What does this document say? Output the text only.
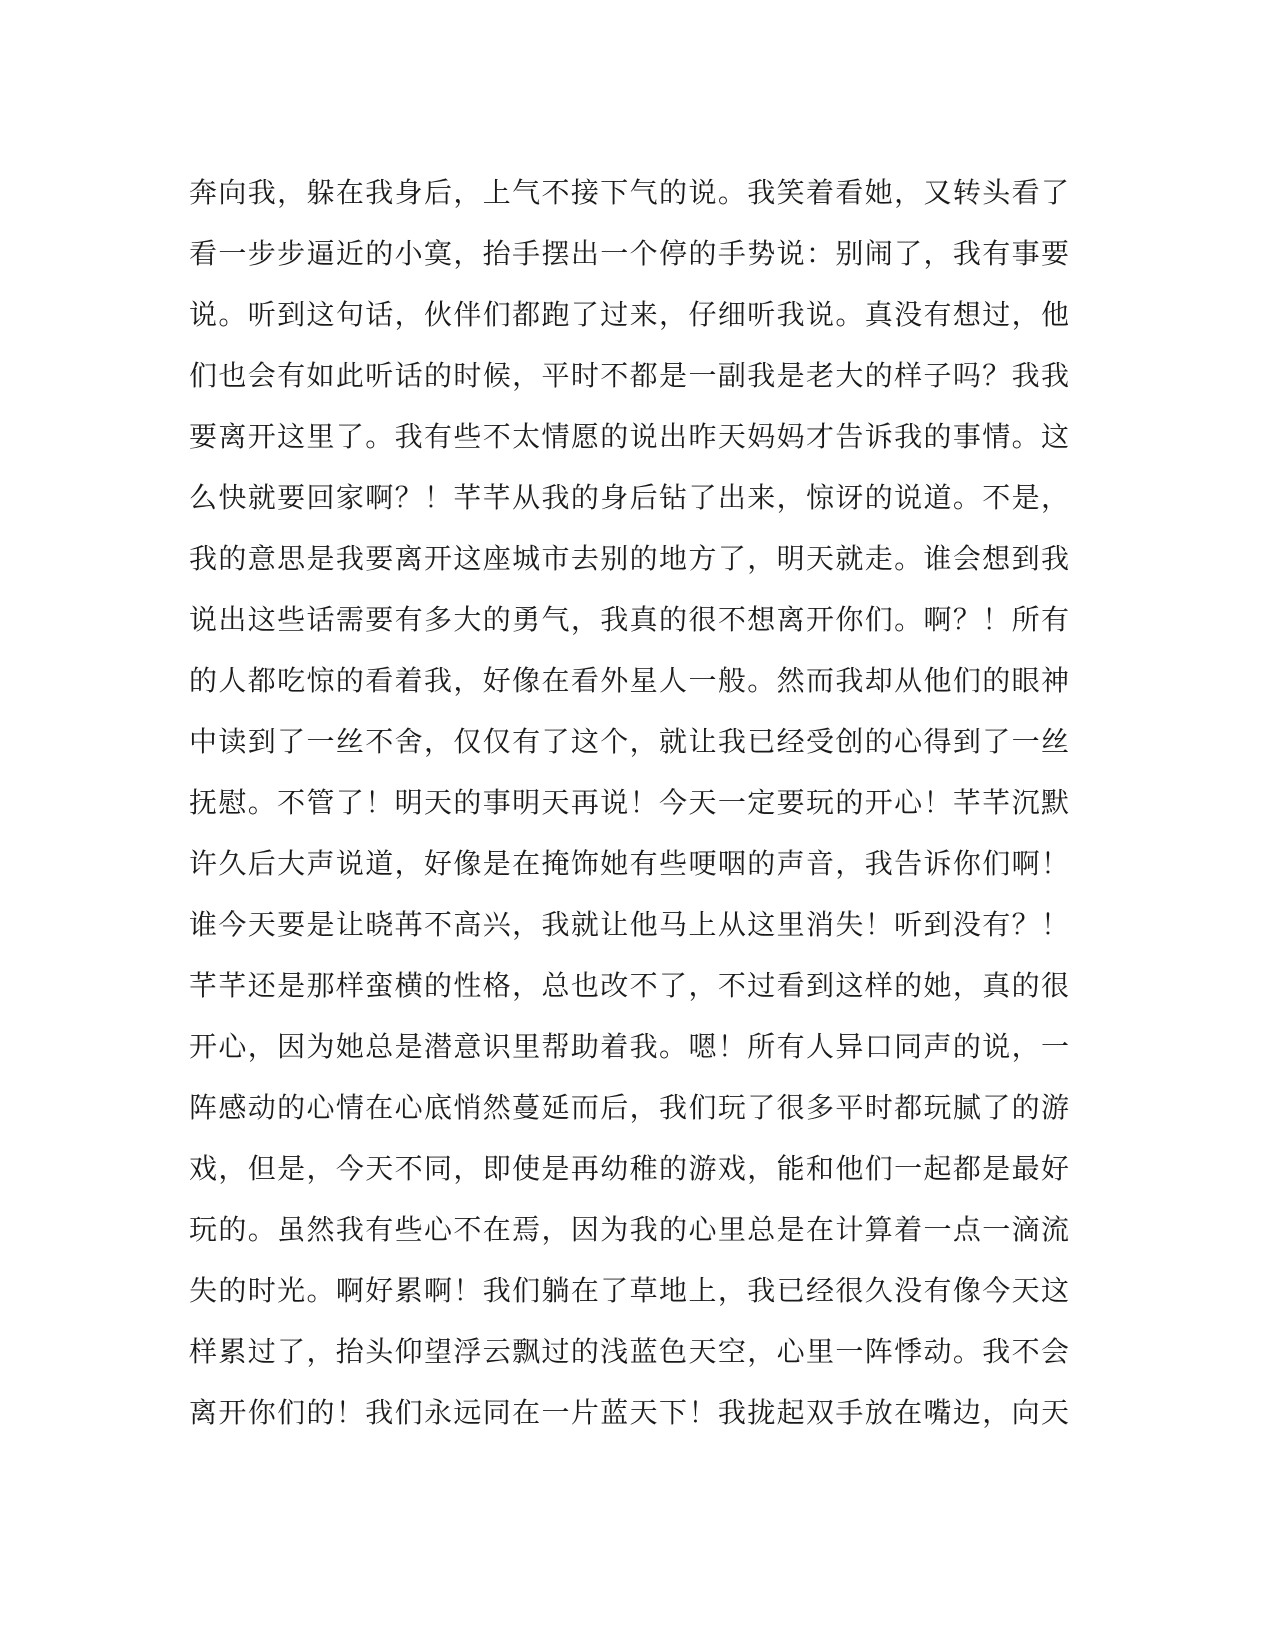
奔向我，躲在我身后，上气不接下气的说。我笑着看她，又转头看了
看一步步逼近的小寞，抬手摆出一个停的手势说：别闹了，我有事要
说。听到这句话，伙伴们都跑了过来，仔细听我说。真没有想过，他
们也会有如此听话的时候，平时不都是一副我是老大的样子吗？我我
要离开这里了。我有些不太情愿的说出昨天妈妈才告诉我的事情。这
么快就要回家啊？！芊芊从我的身后钻了出来，惊讶的说道。不是，
我的意思是我要离开这座城市去别的地方了，明天就走。谁会想到我
说出这些话需要有多大的勇气，我真的很不想离开你们。啊？！所有
的人都吃惊的看着我，好像在看外星人一般。然而我却从他们的眼神
中读到了一丝不舍，仅仅有了这个，就让我已经受创的心得到了一丝
抚慰。不管了！明天的事明天再说！今天一定要玩的开心！芊芊沉默
许久后大声说道，好像是在掩饰她有些哽咽的声音，我告诉你们啊！
谁今天要是让晓苒不高兴，我就让他马上从这里消失！听到没有？！
芊芊还是那样蛮横的性格，总也改不了，不过看到这样的她，真的很
开心，因为她总是潜意识里帮助着我。嗯！所有人异口同声的说，一
阵感动的心情在心底悄然蔓延而后，我们玩了很多平时都玩腻了的游
戏，但是，今天不同，即使是再幼稚的游戏，能和他们一起都是最好
玩的。虽然我有些心不在焉，因为我的心里总是在计算着一点一滴流
失的时光。啊好累啊！我们躺在了草地上，我已经很久没有像今天这
样累过了，抬头仰望浮云飘过的浅蓝色天空，心里一阵悸动。我不会
离开你们的！我们永远同在一片蓝天下！我拢起双手放在嘴边，向天
